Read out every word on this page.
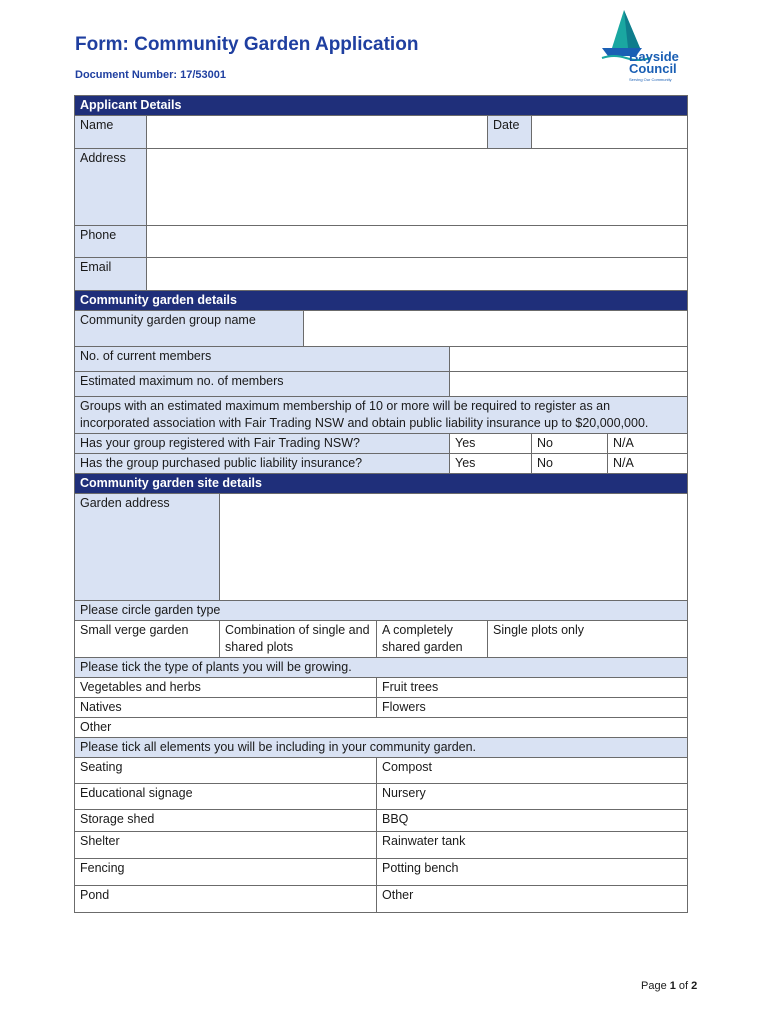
Form: Community Garden Application
Document Number: 17/53001
Bayside
Council
Serving Our Community
Applicant Details								
Name						Date		
Address								
Phone								
Email								
Community garden details								
Community garden group name								
No. of current members								
Estimated maximum no. of members								
Groups with an estimated maximum membership of 10 or more will be required to register as an incorporated association with Fair Trading NSW and obtain public liability insurance up to $20,000,000.								
Has your group registered with Fair Trading NSW?					Yes		No	N/A
Has the group purchased public liability insurance?					Yes		No	N/A
Community garden site details								
Garden address								
Please circle garden type								
Small verge garden		Combination of single and shared plots		A completely shared garden		Single plots only		
Please tick the type of plants you will be growing.								
Vegetables and herbs				Fruit trees				
Natives				Flowers				
Other								
Please tick all elements you will be including in your community garden.								
Seating				Compost				
Educational signage				Nursery				
Storage shed				BBQ				
Shelter				Rainwater tank				
Fencing				Potting bench				
Pond				Other				
Page 1 of 2
